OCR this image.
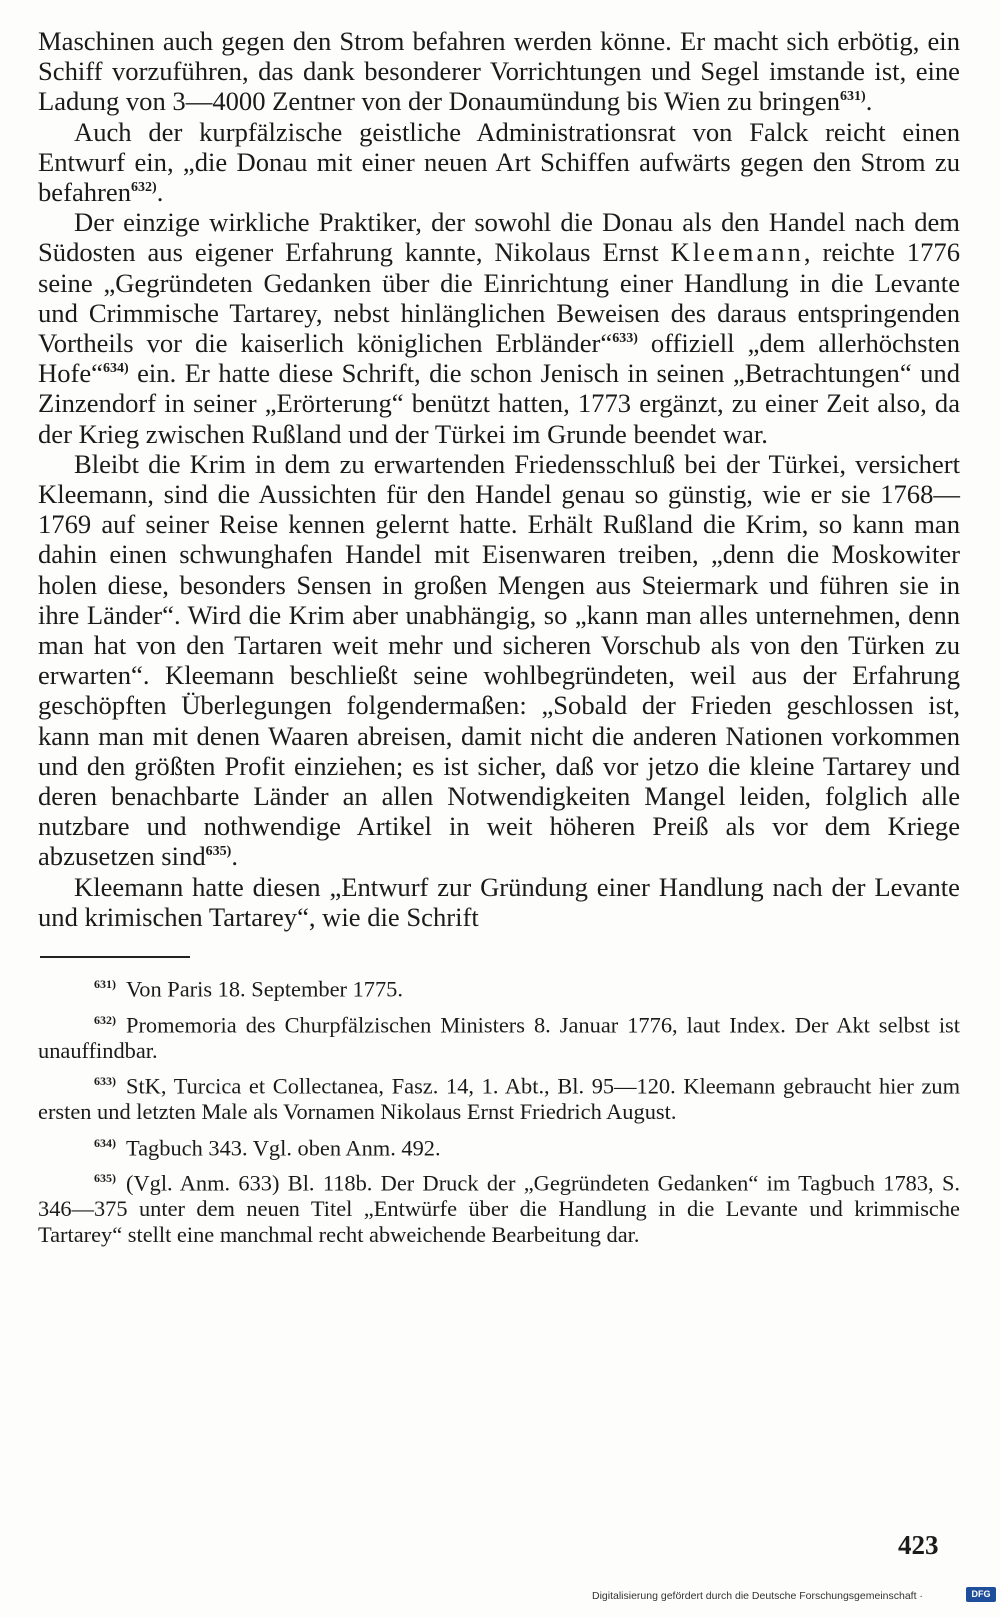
Maschinen auch gegen den Strom befahren werden könne. Er macht sich erbötig, ein Schiff vorzuführen, das dank besonderer Vorrichtungen und Segel imstande ist, eine Ladung von 3—4000 Zentner von der Donaumündung bis Wien zu bringen$^{631)}$.

Auch der kurpfälzische geistliche Administrationsrat von Falck reicht einen Entwurf ein, „die Donau mit einer neuen Art Schiffen aufwärts gegen den Strom zu befahren$^{632)}$.

Der einzige wirkliche Praktiker, der sowohl die Donau als den Handel nach dem Südosten aus eigener Erfahrung kannte, Nikolaus Ernst Kleemann, reichte 1776 seine „Gegründeten Gedanken über die Einrichtung einer Handlung in die Levante und Crimmische Tartarey, nebst hinlänglichen Beweisen des daraus entspringenden Vortheils vor die kaiserlich königlichen Erbländer“$^{633)}$ offiziell „dem allerhöchsten Hofe“$^{634)}$ ein. Er hatte diese Schrift, die schon Jenisch in seinen „Betrachtungen“ und Zinzendorf in seiner „Erörterung“ benützt hatten, 1773 ergänzt, zu einer Zeit also, da der Krieg zwischen Rußland und der Türkei im Grunde beendet war.

Bleibt die Krim in dem zu erwartenden Friedensschluß bei der Türkei, versichert Kleemann, sind die Aussichten für den Handel genau so günstig, wie er sie 1768—1769 auf seiner Reise kennen gelernt hatte. Erhält Rußland die Krim, so kann man dahin einen schwunghafen Handel mit Eisenwaren treiben, „denn die Moskowiter holen diese, besonders Sensen in großen Mengen aus Steiermark und führen sie in ihre Länder“. Wird die Krim aber unabhängig, so „kann man alles unternehmen, denn man hat von den Tartaren weit mehr und sicheren Vorschub als von den Türken zu erwarten“. Kleemann beschließt seine wohlbegründeten, weil aus der Erfahrung geschöpften Überlegungen folgendermaßen: „Sobald der Frieden geschlossen ist, kann man mit denen Waaren abreisen, damit nicht die anderen Nationen vorkommen und den größten Profit einziehen; es ist sicher, daß vor jetzo die kleine Tartarey und deren benachbarte Länder an allen Notwendigkeiten Mangel leiden, folglich alle nutzbare und nothwendige Artikel in weit höheren Preiß als vor dem Kriege abzusetzen sind$^{635)}$.

Kleemann hatte diesen „Entwurf zur Gründung einer Handlung nach der Levante und krimischen Tartarey“, wie die Schrift

$^{631)}$ Von Paris 18. September 1775.

$^{632)}$ Promemoria des Churpfälzischen Ministers 8. Januar 1776, laut Index. Der Akt selbst ist unauffindbar.

$^{633)}$ StK, Turcica et Collectanea, Fasz. 14, 1. Abt., Bl. 95—120. Kleemann gebraucht hier zum ersten und letzten Male als Vornamen Nikolaus Ernst Friedrich August.

$^{634)}$ Tagbuch 343. Vgl. oben Anm. 492.

$^{635)}$ (Vgl. Anm. 633) Bl. 118b. Der Druck der „Gegründeten Gedanken“ im Tagbuch 1783, S. 346—375 unter dem neuen Titel „Entwürfe über die Handlung in die Levante und krimmische Tartarey“ stellt eine manchmal recht abweichende Bearbeitung dar.

423
Digitalisierung gefördert durch die Deutsche Forschungsgemeinschaft ·	DFG
